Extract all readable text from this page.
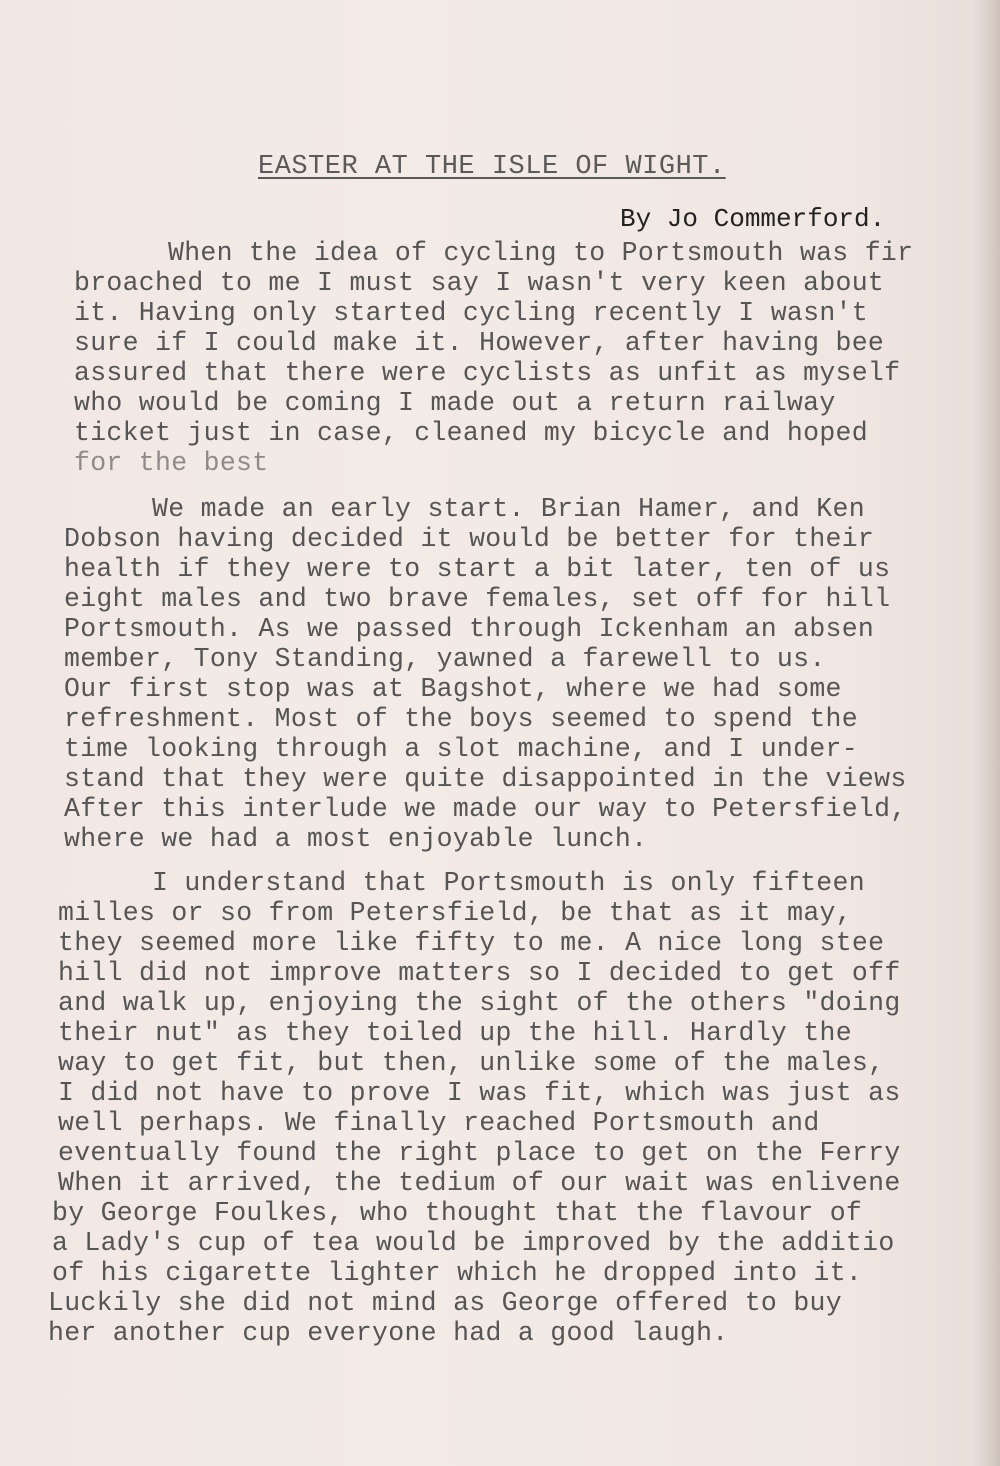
EASTER AT THE ISLE OF WIGHT.
By Jo Commerford.
When the idea of cycling to Portsmouth was fir
broached to me I must say I wasn't very keen about
it. Having only started cycling recently I wasn't
sure if I could make it. However, after having bee
assured that there were cyclists as unfit as myself
who would be coming I made out a return railway
ticket just in case, cleaned my bicycle and hoped
for the best
We made an early start. Brian Hamer, and Ken
Dobson having decided it would be better for their
health if they were to start a bit later, ten of us
eight males and two brave females, set off for hill
Portsmouth. As we passed through Ickenham an absen
member, Tony Standing, yawned a farewell to us.
Our first stop was at Bagshot, where we had some
refreshment. Most of the boys seemed to spend the
time looking through a slot machine, and I under-
stand that they were quite disappointed in the views
After this interlude we made our way to Petersfield,
where we had a most enjoyable lunch.
I understand that Portsmouth is only fifteen
milles or so from Petersfield, be that as it may,
they seemed more like fifty to me. A nice long stee
hill did not improve matters so I decided to get off
and walk up, enjoying the sight of the others "doing
their nut" as they toiled up the hill. Hardly the
way to get fit, but then, unlike some of the males,
I did not have to prove I was fit, which was just as
well perhaps. We finally reached Portsmouth and
eventually found the right place to get on the Ferry
When it arrived, the tedium of our wait was enlivene
by George Foulkes, who thought that the flavour of
a Lady's cup of tea would be improved by the additio
of his cigarette lighter which he dropped into it.
Luckily she did not mind as George offered to buy
her another cup everyone had a good laugh.
